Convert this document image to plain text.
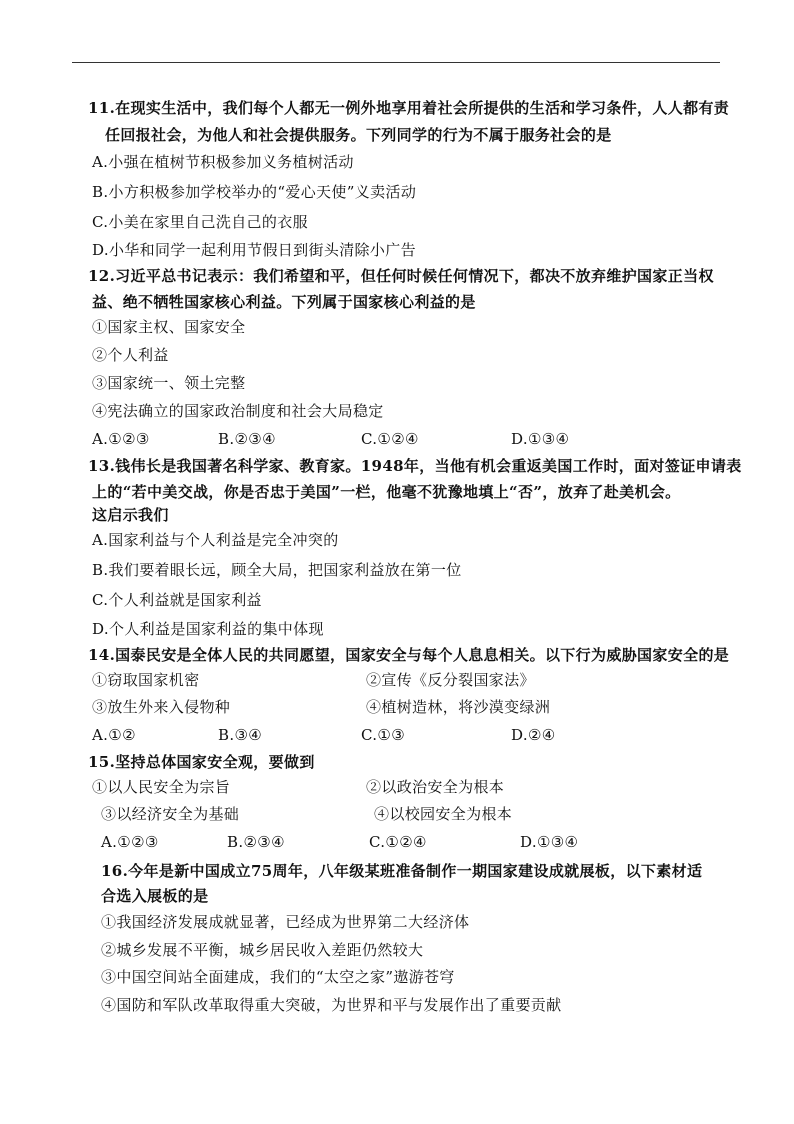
11.在现实生活中，我们每个人都无一例外地享用着社会所提供的生活和学习条件，人人都有责
任回报社会，为他人和社会提供服务。下列同学的行为不属于服务社会的是
A.小强在植树节积极参加义务植树活动
B.小方积极参加学校举办的“爱心天使”义卖活动
C.小美在家里自己洗自己的衣服
D.小华和同学一起利用节假日到街头清除小广告
12.习近平总书记表示：我们希望和平，但任何时候任何情况下，都决不放弃维护国家正当权
益、绝不牺牲国家核心利益。下列属于国家核心利益的是
①国家主权、国家安全
②个人利益
③国家统一、领土完整
④宪法确立的国家政治制度和社会大局稳定
A.①②③	B.②③④	C.①②④	D.①③④
13.钱伟长是我国著名科学家、教育家。1948年，当他有机会重返美国工作时，面对签证申请表
上的“若中美交战，你是否忠于美国”一栏，他毫不犹豫地填上“否”，放弃了赴美机会。
这启示我们
A.国家利益与个人利益是完全冲突的
B.我们要着眼长远，顾全大局，把国家利益放在第一位
C.个人利益就是国家利益
D.个人利益是国家利益的集中体现
14.国泰民安是全体人民的共同愿望，国家安全与每个人息息相关。以下行为威胁国家安全的是
①窃取国家机密	②宣传《反分裂国家法》
③放生外来入侵物种	④植树造林，将沙漠变绿洲
A.①②	B.③④	C.①③	D.②④
15.坚持总体国家安全观，要做到
①以人民安全为宗旨	②以政治安全为根本
③以经济安全为基础	④以校园安全为根本
A.①②③	B.②③④	C.①②④	D.①③④
16.今年是新中国成立75周年，八年级某班准备制作一期国家建设成就展板，以下素材适
合选入展板的是
①我国经济发展成就显著，已经成为世界第二大经济体
②城乡发展不平衡，城乡居民收入差距仍然较大
③中国空间站全面建成，我们的“太空之家”遨游苍穹
④国防和军队改革取得重大突破，为世界和平与发展作出了重要贡献
